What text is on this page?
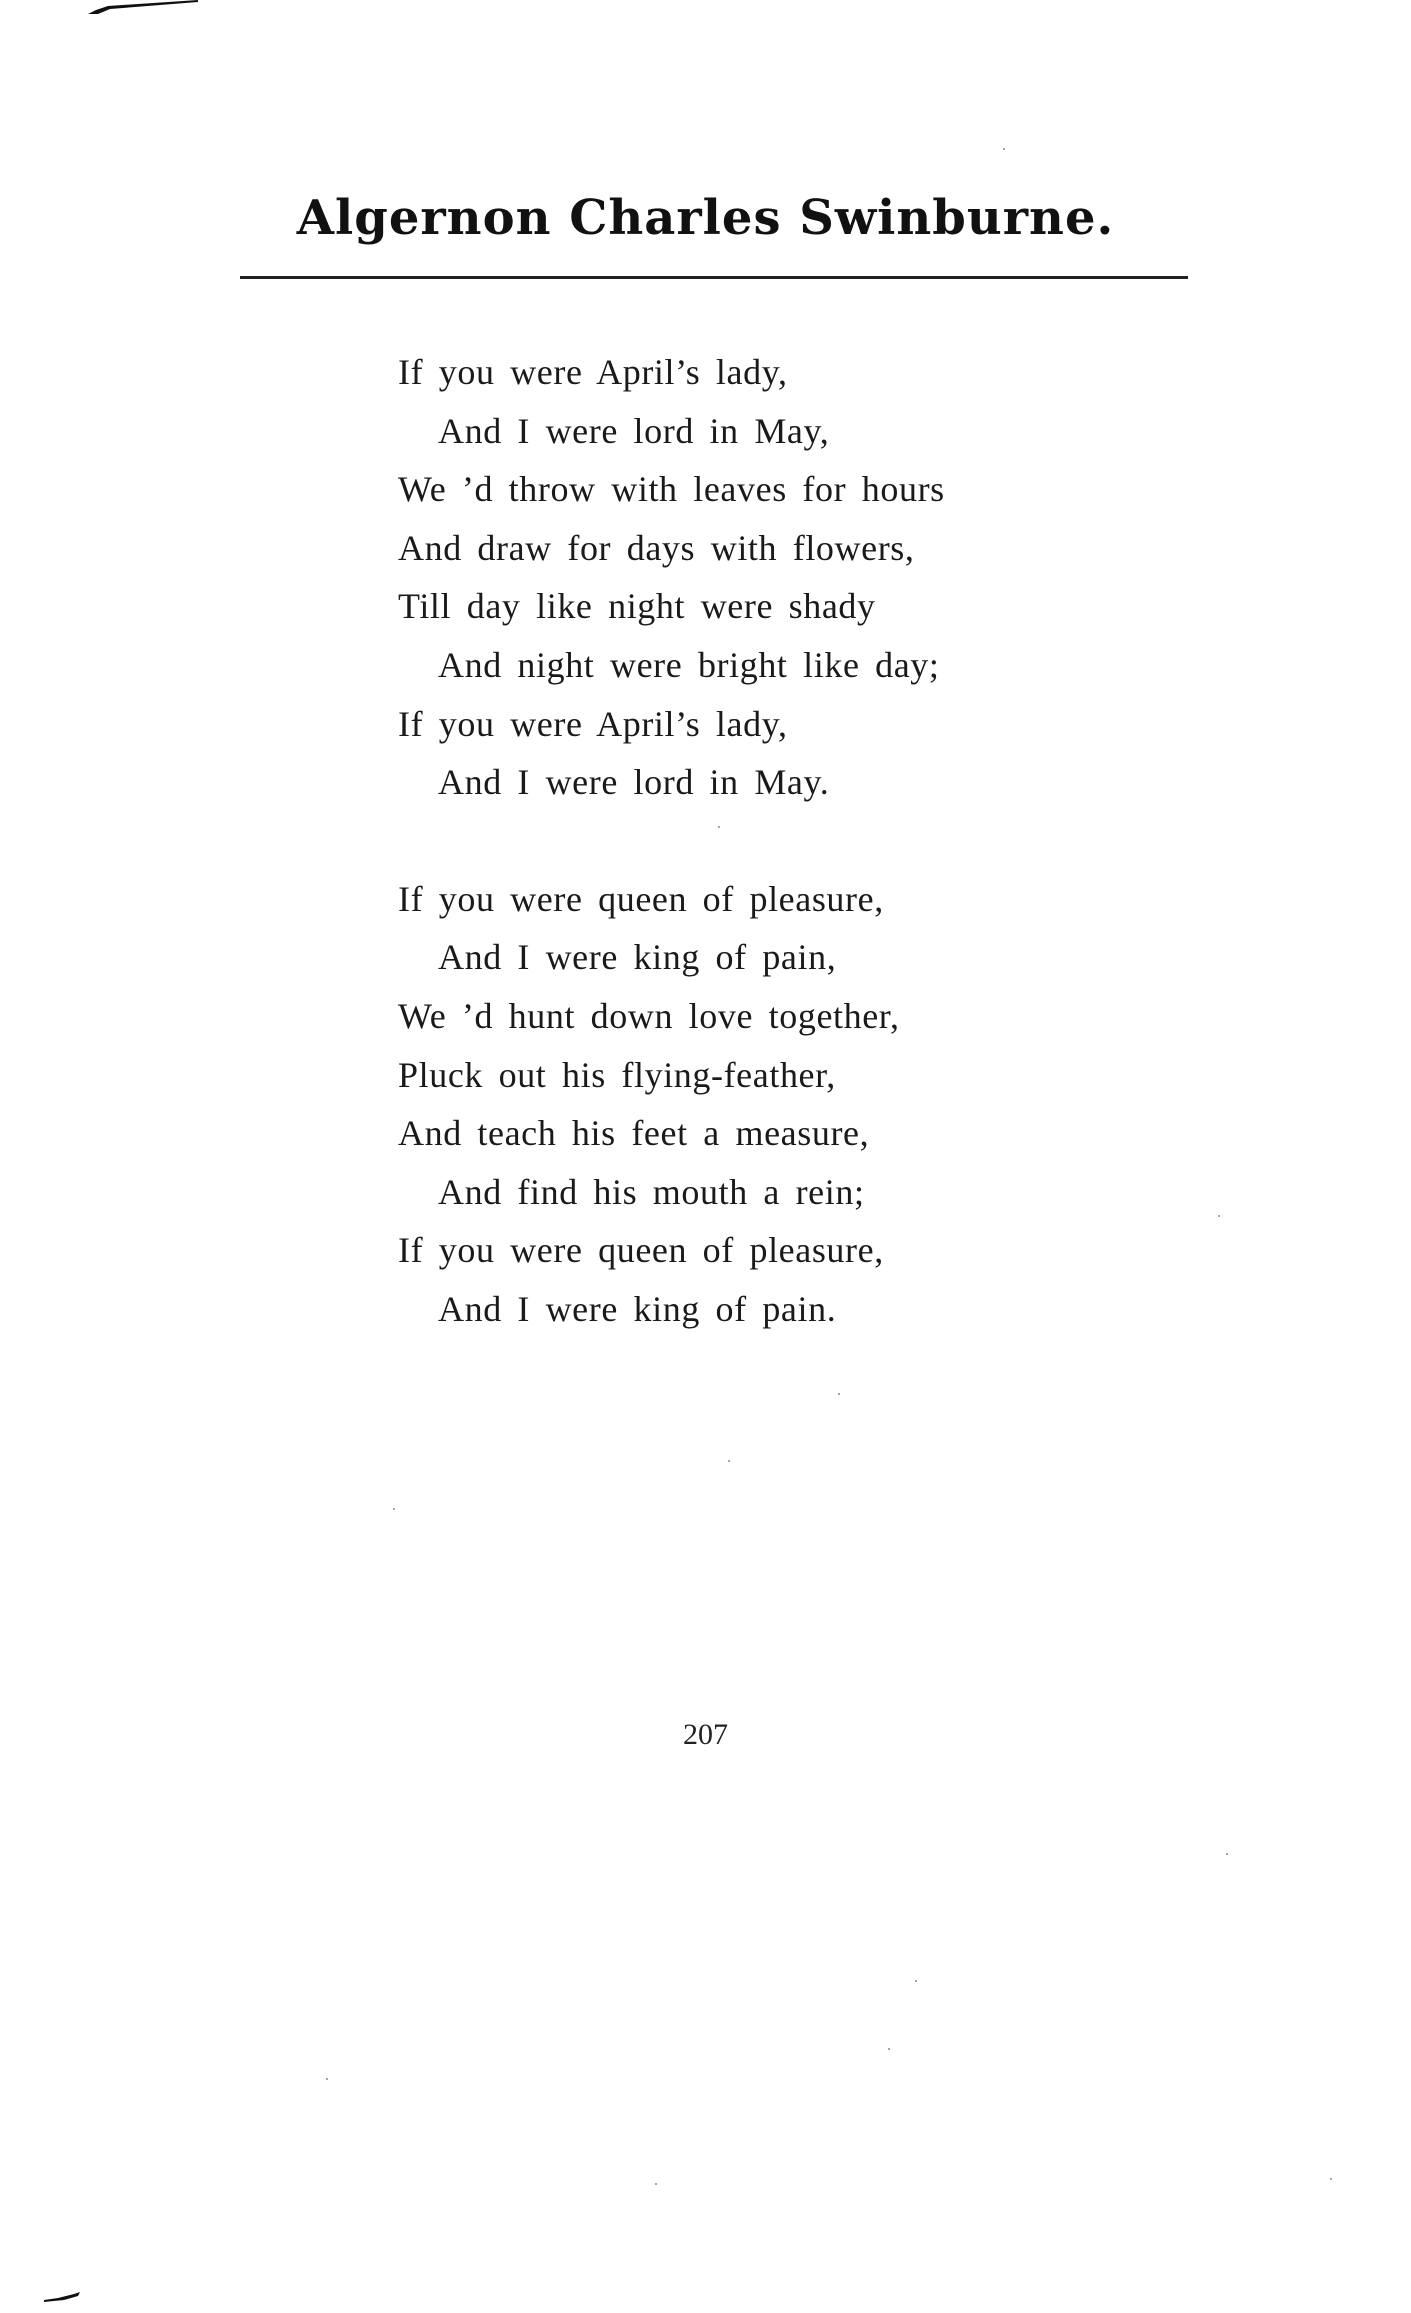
Algernon Charles Swinburne.
If you were April’s lady,
And I were lord in May,
We ’d throw with leaves for hours
And draw for days with flowers,
Till day like night were shady
And night were bright like day;
If you were April’s lady,
And I were lord in May.
If you were queen of pleasure,
And I were king of pain,
We ’d hunt down love together,
Pluck out his flying-feather,
And teach his feet a measure,
And find his mouth a rein;
If you were queen of pleasure,
And I were king of pain.
207
